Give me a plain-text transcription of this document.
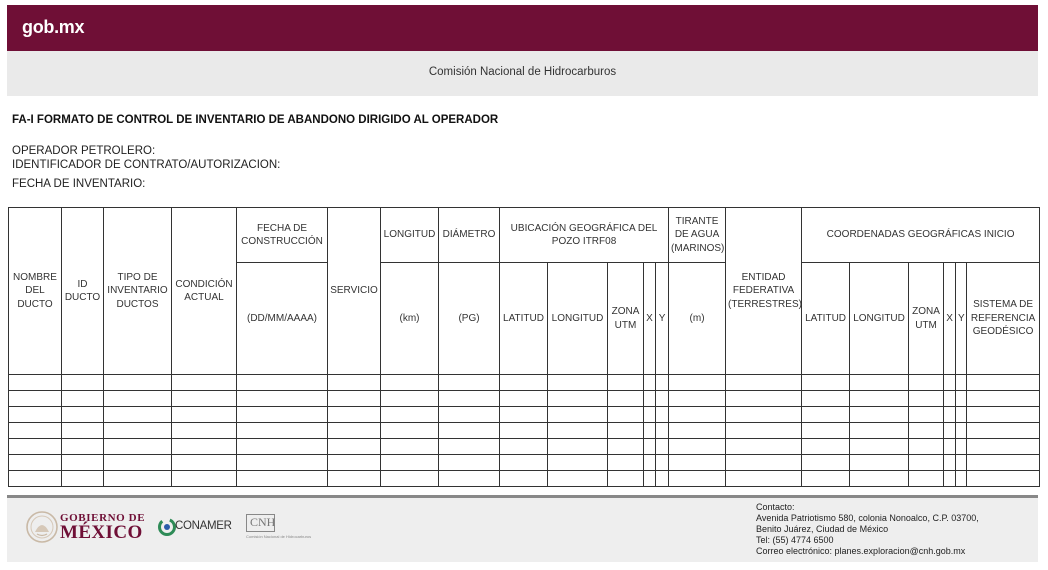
gob.mx
Comisión Nacional de Hidrocarburos
FA-I FORMATO DE CONTROL DE INVENTARIO DE ABANDONO DIRIGIDO AL OPERADOR
OPERADOR PETROLERO:
IDENTIFICADOR DE CONTRATO/AUTORIZACION:
FECHA DE INVENTARIO:
NOMBRE DEL DUCTO	ID DUCTO	TIPO DE INVENTARIO DUCTOS	CONDICIÓN ACTUAL	FECHA DE CONSTRUCCIÓN	SERVICIO	LONGITUD	DIÁMETRO	UBICACIÓN GEOGRÁFICA DEL POZO ITRF08					TIRANTE DE AGUA (MARINOS)	ENTIDAD FEDERATIVA (TERRESTRES)	COORDENADAS GEOGRÁFICAS INICIO					
				(DD/MM/AAAA)		(km)	(PG)	LATITUD	LONGITUD	ZONA UTM	X	Y	(m)		LATITUD	LONGITUD	ZONA UTM	X	Y	SISTEMA DE REFERENCIA GEODÉSICO

GOBIERNO DE
MÉXICO	CONAMER CNH
Comisión Nacional de Hidrocarburos
Contacto:
Avenida Patriotismo 580, colonia Nonoalco, C.P. 03700,
Benito Juárez, Ciudad de México
Tel: (55) 4774 6500
Correo electrónico: planes.exploracion@cnh.gob.mx
